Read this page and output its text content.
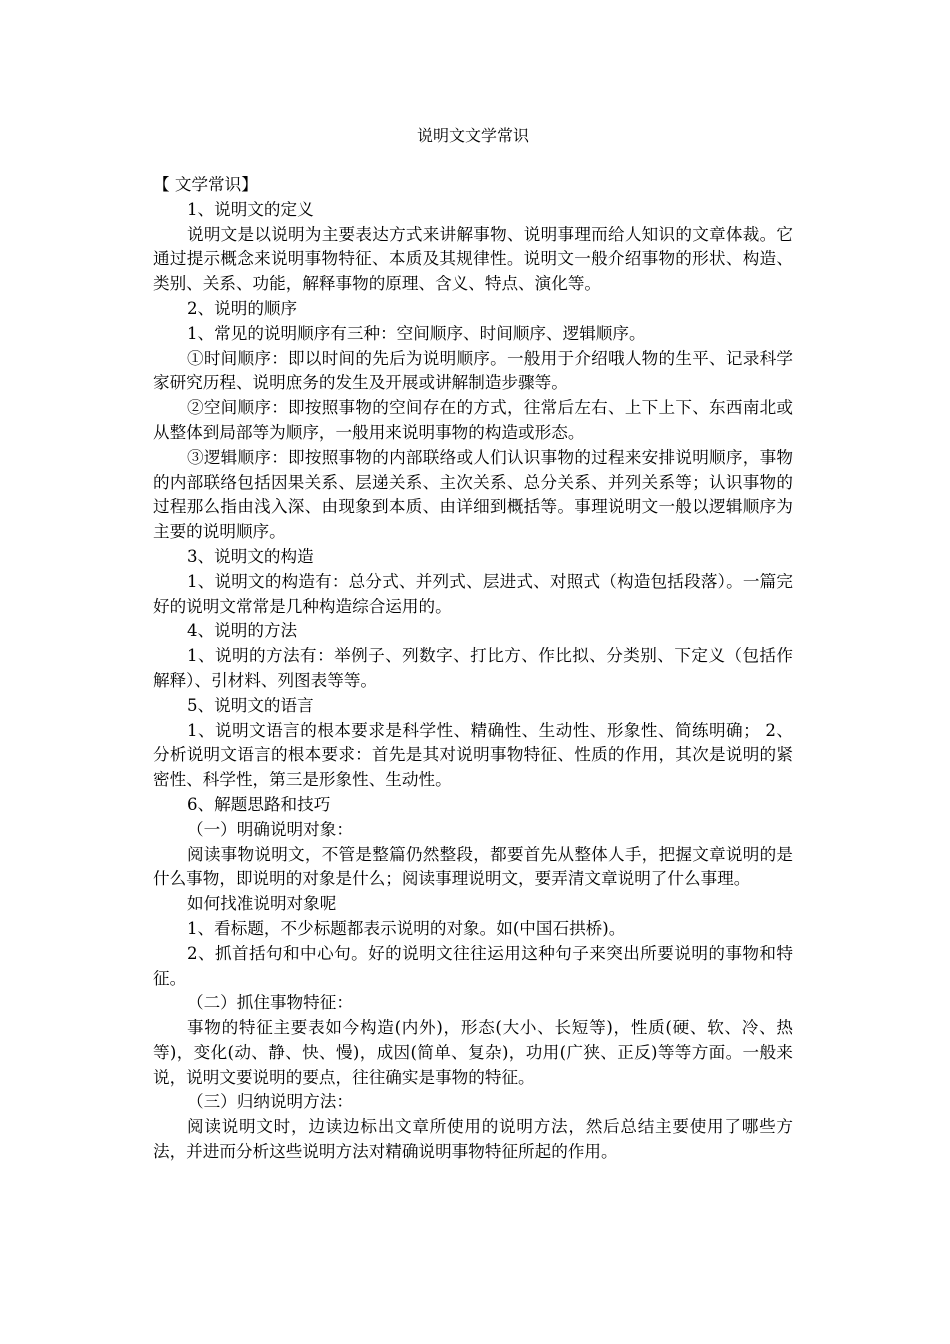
说明文文学常识

【 文学常识】

1、说明文的定义

说明文是以说明为主要表达方式来讲解事物、说明事理而给人知识的文章体裁。它通过提示概念来说明事物特征、本质及其规律性。说明文一般介绍事物的形状、构造、类别、关系、功能，解释事物的原理、含义、特点、演化等。

2、说明的顺序

1、常见的说明顺序有三种：空间顺序、时间顺序、逻辑顺序。

①时间顺序：即以时间的先后为说明顺序。一般用于介绍哦人物的生平、记录科学家研究历程、说明庶务的发生及开展或讲解制造步骤等。

②空间顺序：即按照事物的空间存在的方式，往常后左右、上下上下、东西南北或从整体到局部等为顺序，一般用来说明事物的构造或形态。

③逻辑顺序：即按照事物的内部联络或人们认识事物的过程来安排说明顺序，事物的内部联络包括因果关系、层递关系、主次关系、总分关系、并列关系等；认识事物的过程那么指由浅入深、由现象到本质、由详细到概括等。事理说明文一般以逻辑顺序为主要的说明顺序。

3、说明文的构造

1、说明文的构造有：总分式、并列式、层进式、对照式（构造包括段落）。一篇完好的说明文常常是几种构造综合运用的。

4、说明的方法

1、说明的方法有：举例子、列数字、打比方、作比拟、分类别、下定义（包括作解释）、引材料、列图表等等。

5、说明文的语言

1、说明文语言的根本要求是科学性、精确性、生动性、形象性、简练明确； 2、分析说明文语言的根本要求：首先是其对说明事物特征、性质的作用，其次是说明的紧密性、科学性，第三是形象性、生动性。

6、解题思路和技巧

（一）明确说明对象：

阅读事物说明文，不管是整篇仍然整段，都要首先从整体人手，把握文章说明的是什么事物，即说明的对象是什么；阅读事理说明文，要弄清文章说明了什么事理。

如何找准说明对象呢

1、看标题，不少标题都表示说明的对象。如(中国石拱桥)。

2、抓首括句和中心句。好的说明文往往运用这种句子来突出所要说明的事物和特征。

（二）抓住事物特征：

事物的特征主要表如今构造(内外)，形态(大小、长短等)，性质(硬、软、冷、热等)，变化(动、静、快、慢)，成因(简单、复杂)，功用(广狭、正反)等等方面。一般来说，说明文要说明的要点，往往确实是事物的特征。

（三）归纳说明方法：

阅读说明文时，边读边标出文章所使用的说明方法，然后总结主要使用了哪些方法，并进而分析这些说明方法对精确说明事物特征所起的作用。
